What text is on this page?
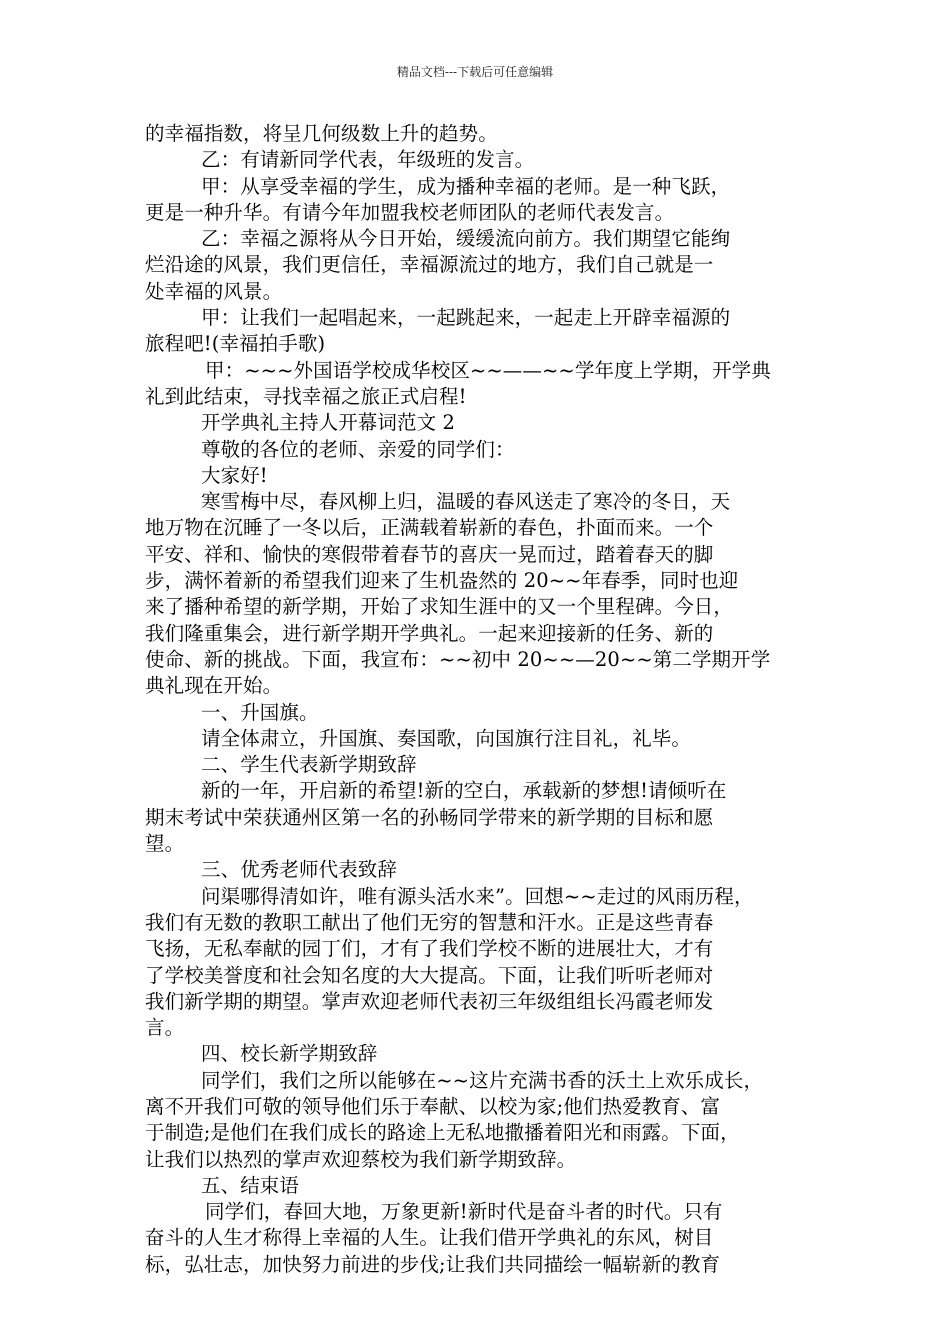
精品文档---下载后可任意编辑
的幸福指数，将呈几何级数上升的趋势。
乙：有请新同学代表，年级班的发言。
甲：从享受幸福的学生，成为播种幸福的老师。是一种飞跃，
更是一种升华。有请今年加盟我校老师团队的老师代表发言。
乙：幸福之源将从今日开始，缓缓流向前方。我们期望它能绚
烂沿途的风景，我们更信任，幸福源流过的地方，我们自己就是一
处幸福的风景。
甲：让我们一起唱起来，一起跳起来，一起走上开辟幸福源的
旅程吧!(幸福拍手歌)
甲：~~~外国语学校成华校区~~——~~学年度上学期，开学典
礼到此结束，寻找幸福之旅正式启程!
开学典礼主持人开幕词范文 2
尊敬的各位的老师、亲爱的同学们：
大家好!
寒雪梅中尽，春风柳上归，温暖的春风送走了寒冷的冬日，天
地万物在沉睡了一冬以后，正满载着崭新的春色，扑面而来。一个
平安、祥和、愉快的寒假带着春节的喜庆一晃而过，踏着春天的脚
步，满怀着新的希望我们迎来了生机盎然的 20~~年春季，同时也迎
来了播种希望的新学期，开始了求知生涯中的又一个里程碑。今日，
我们隆重集会，进行新学期开学典礼。一起来迎接新的任务、新的
使命、新的挑战。下面，我宣布：~~初中 20~~—20~~第二学期开学
典礼现在开始。
一、升国旗。
请全体肃立，升国旗、奏国歌，向国旗行注目礼，礼毕。
二、学生代表新学期致辞
新的一年，开启新的希望!新的空白，承载新的梦想!请倾听在
期末考试中荣获通州区第一名的孙畅同学带来的新学期的目标和愿
望。
三、优秀老师代表致辞
问渠哪得清如许，唯有源头活水来”。回想~~走过的风雨历程，
我们有无数的教职工献出了他们无穷的智慧和汗水。正是这些青春
飞扬，无私奉献的园丁们，才有了我们学校不断的进展壮大，才有
了学校美誉度和社会知名度的大大提高。下面，让我们听听老师对
我们新学期的期望。掌声欢迎老师代表初三年级组组长冯霞老师发
言。
四、校长新学期致辞
同学们，我们之所以能够在~~这片充满书香的沃土上欢乐成长，
离不开我们可敬的领导他们乐于奉献、以校为家;他们热爱教育、富
于制造;是他们在我们成长的路途上无私地撒播着阳光和雨露。下面，
让我们以热烈的掌声欢迎蔡校为我们新学期致辞。
五、结束语
同学们，春回大地，万象更新!新时代是奋斗者的时代。只有
奋斗的人生才称得上幸福的人生。让我们借开学典礼的东风，树目
标，弘壮志，加快努力前进的步伐;让我们共同描绘一幅崭新的教育
